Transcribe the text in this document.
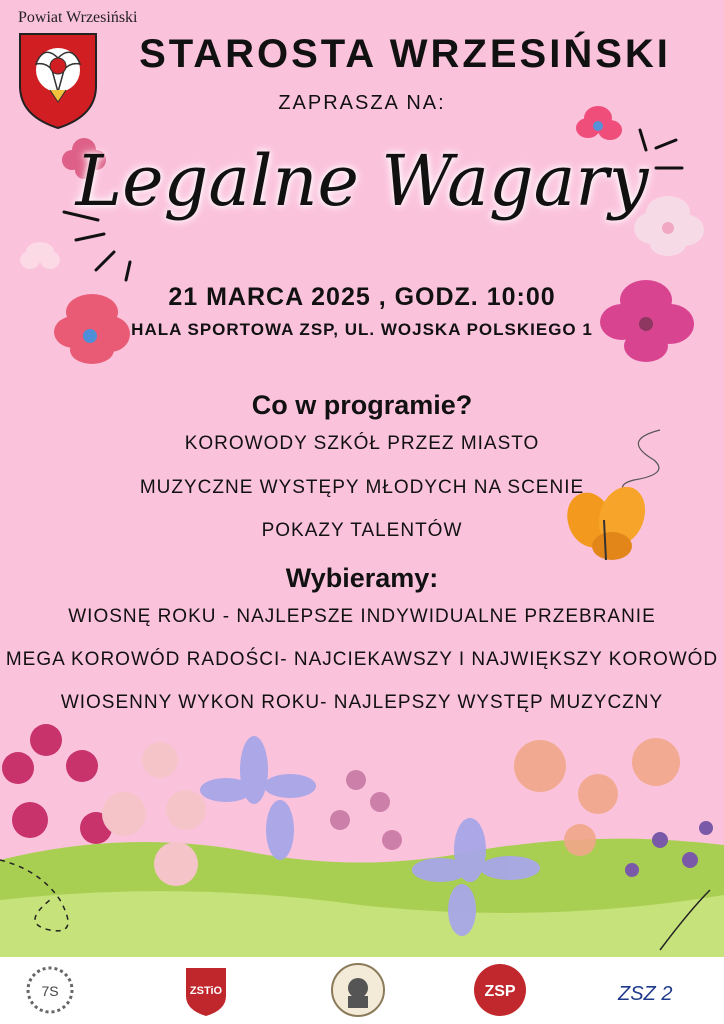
Powiat Wrzesiński
STAROSTA WRZESIŃSKI
ZAPRASZA NA:
Legalne Wagary
21 MARCA 2025 , GODZ. 10:00
HALA SPORTOWA ZSP, UL. WOJSKA POLSKIEGO 1
Co w programie?
KOROWODY SZKÓŁ PRZEZ MIASTO
MUZYCZNE WYSTĘPY MŁODYCH NA SCENIE
POKAZY TALENTÓW
Wybieramy:
WIOSNĘ ROKU - NAJLEPSZE INDYWIDUALNE PRZEBRANIE
MEGA KOROWÓD RADOŚCI- NAJCIEKAWSZY I NAJWIĘKSZY KOROWÓD
WIOSENNY WYKON ROKU- NAJLEPSZY WYSTĘP MUZYCZNY
7S	ZSTiO	ZSP	ZSZ 2
